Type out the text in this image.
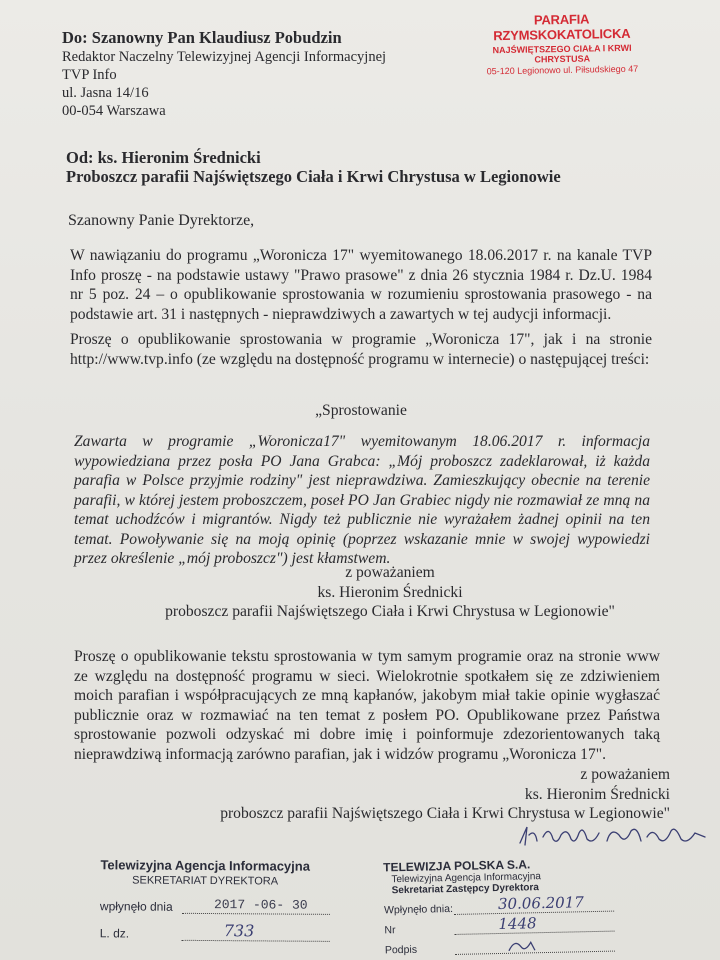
Do: Szanowny Pan Klaudiusz Pobudzin
Redaktor Naczelny Telewizyjnej Agencji Informacyjnej
TVP Info
ul. Jasna 14/16
00-054 Warszawa
PARAFIA RZYMSKOKATOLICKA
NAJŚWIĘTSZEGO CIAŁA I KRWI CHRYSTUSA
05-120 Legionowo ul. Piłsudskiego 47
Od: ks. Hieronim Średnicki
Proboszcz parafii Najświętszego Ciała i Krwi Chrystusa w Legionowie
Szanowny Panie Dyrektorze,
W nawiązaniu do programu „Woronicza 17" wyemitowanego 18.06.2017 r. na kanale TVP Info proszę - na podstawie ustawy "Prawo prasowe" z dnia 26 stycznia 1984 r. Dz.U. 1984 nr 5 poz. 24 – o opublikowanie sprostowania w rozumieniu sprostowania prasowego - na podstawie art. 31 i następnych - nieprawdziwych a zawartych w tej audycji informacji.
Proszę o opublikowanie sprostowania w programie „Woronicza 17", jak i na stronie http://www.tvp.info (ze względu na dostępność programu w internecie) o następującej treści:
„Sprostowanie
Zawarta w programie „Woronicza17" wyemitowanym 18.06.2017 r. informacja wypowiedziana przez posła PO Jana Grabca: „Mój proboszcz zadeklarował, iż każda parafia w Polsce przyjmie rodziny" jest nieprawdziwa. Zamieszkujący obecnie na terenie parafii, w której jestem proboszczem, poseł PO Jan Grabiec nigdy nie rozmawiał ze mną na temat uchodźców i migrantów. Nigdy też publicznie nie wyrażałem żadnej opinii na ten temat. Powoływanie się na moją opinię (poprzez wskazanie mnie w swojej wypowiedzi przez określenie „mój proboszcz") jest kłamstwem.
z poważaniem
ks. Hieronim Średnicki
proboszcz parafii Najświętszego Ciała i Krwi Chrystusa w Legionowie"
Proszę o opublikowanie tekstu sprostowania w tym samym programie oraz na stronie www ze względu na dostępność programu w sieci. Wielokrotnie spotkałem się ze zdziwieniem moich parafian i współpracujących ze mną kapłanów, jakobym miał takie opinie wygłaszać publicznie oraz w rozmawiać na ten temat z posłem PO. Opublikowane przez Państwa sprostowanie pozwoli odzyskać mi dobre imię i poinformuje zdezorientowanych taką nieprawdziwą informacją zarówno parafian, jak i widzów programu „Woronicza 17".
z poważaniem
ks. Hieronim Średnicki
proboszcz parafii Najświętszego Ciała i Krwi Chrystusa w Legionowie"
Telewizyjna Agencja Informacyjna
SEKRETARIAT DYREKTORA
wpłynęło dnia	2017 -06- 30
L. dz.	733
TELEWIZJA POLSKA S.A.
Telewizyjna Agencja Informacyjna
Sekretariat Zastępcy Dyrektora
Wpłynęło dnia:	30.06.2017
Nr	1448
Podpis
